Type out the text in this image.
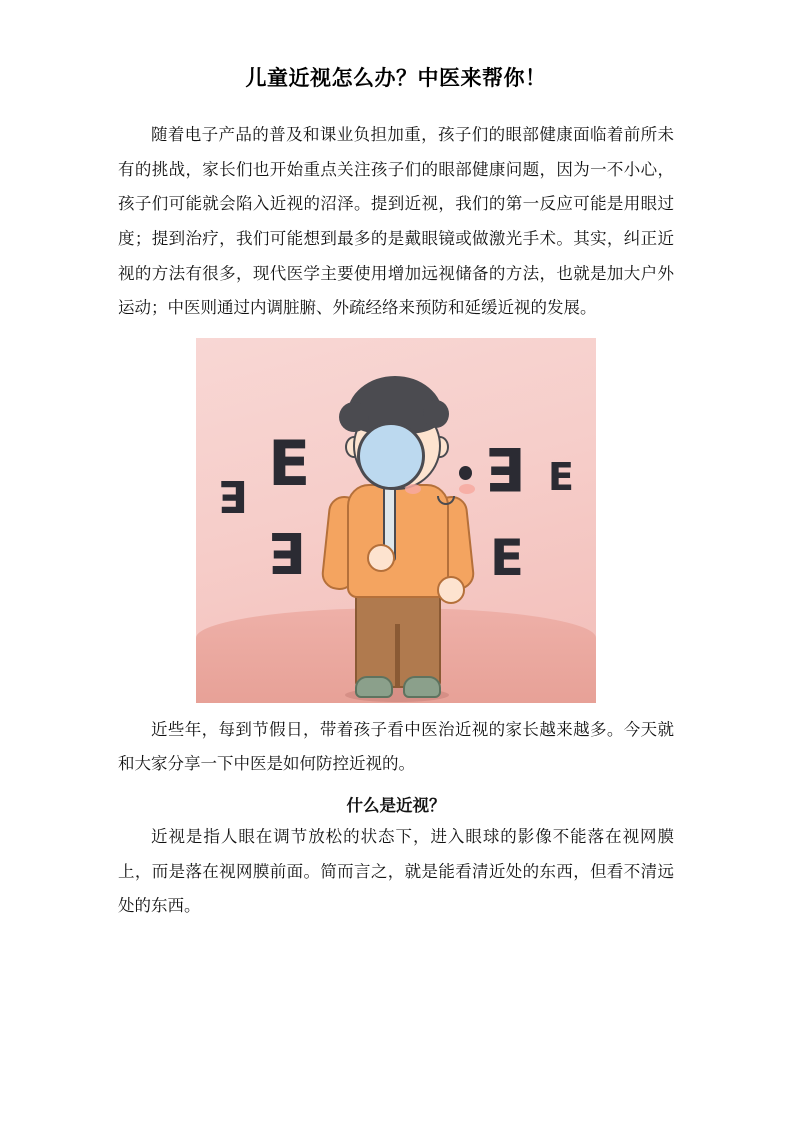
儿童近视怎么办？中医来帮你！

随着电子产品的普及和课业负担加重，孩子们的眼部健康面临着前所未有的挑战，家长们也开始重点关注孩子们的眼部健康问题，因为一不小心，孩子们可能就会陷入近视的沼泽。提到近视，我们的第一反应可能是用眼过度；提到治疗，我们可能想到最多的是戴眼镜或做激光手术。其实，纠正近视的方法有很多，现代医学主要使用增加远视储备的方法，也就是加大户外运动；中医则通过内调脏腑、外疏经络来预防和延缓近视的发展。

E E
E
E E
E

近些年，每到节假日，带着孩子看中医治近视的家长越来越多。今天就和大家分享一下中医是如何防控近视的。

什么是近视？

近视是指人眼在调节放松的状态下，进入眼球的影像不能落在视网膜上，而是落在视网膜前面。简而言之，就是能看清近处的东西，但看不清远处的东西。
